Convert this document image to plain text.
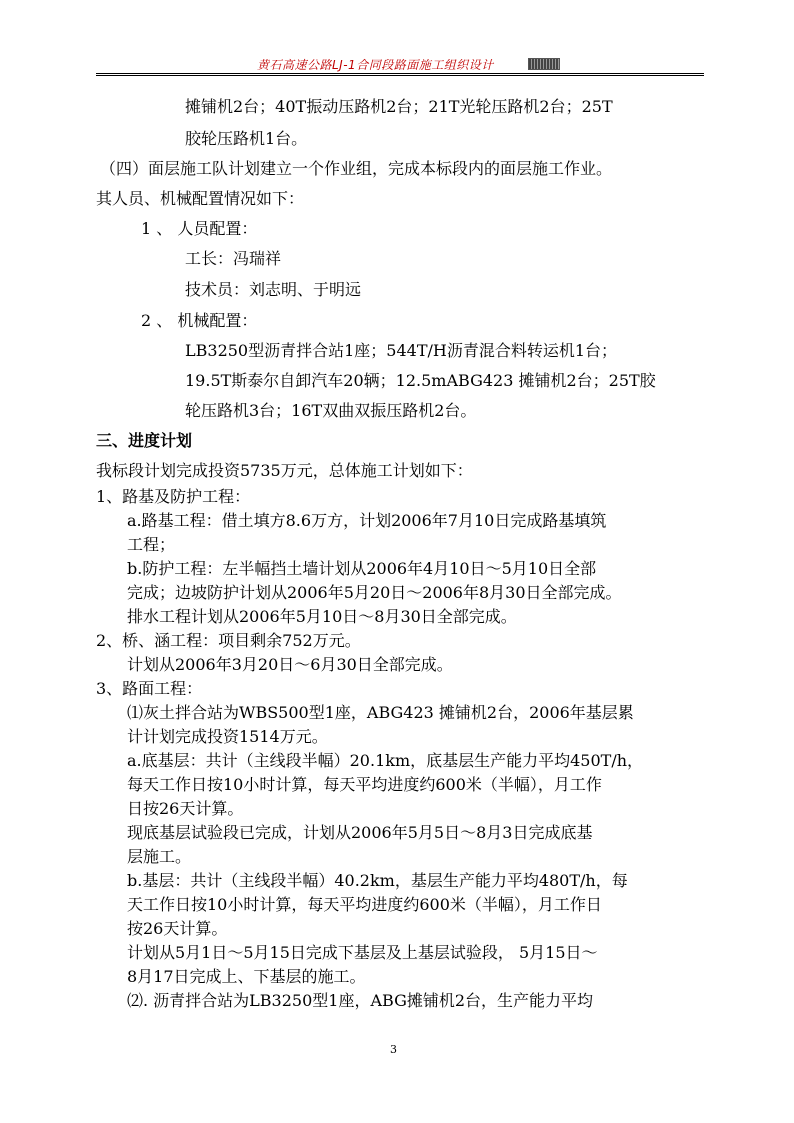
黄石高速公路LJ-1合同段路面施工组织设计
摊铺机2台；40T振动压路机2台；21T光轮压路机2台；25T
胶轮压路机1台。
（四）面层施工队计划建立一个作业组，完成本标段内的面层施工作业。
其人员、机械配置情况如下：
1 、 人员配置：
工长：冯瑞祥
技术员：刘志明、于明远
2 、 机械配置：
LB3250型沥青拌合站1座；544T/H沥青混合料转运机1台；
19.5T斯泰尔自卸汽车20辆；12.5mABG423 摊铺机2台；25T胶
轮压路机3台；16T双曲双振压路机2台。
三、进度计划
我标段计划完成投资5735万元，总体施工计划如下：
1、路基及防护工程：
a.路基工程：借土填方8.6万方，计划2006年7月10日完成路基填筑
工程；
b.防护工程：左半幅挡土墙计划从2006年4月10日～5月10日全部
完成；边坡防护计划从2006年5月20日～2006年8月30日全部完成。
排水工程计划从2006年5月10日～8月30日全部完成。
2、桥、涵工程：项目剩余752万元。
计划从2006年3月20日～6月30日全部完成。
3、路面工程：
⑴灰土拌合站为WBS500型1座，ABG423 摊铺机2台，2006年基层累
计计划完成投资1514万元。
a.底基层：共计（主线段半幅）20.1km，底基层生产能力平均450T/h，
每天工作日按10小时计算，每天平均进度约600米（半幅），月工作
日按26天计算。
现底基层试验段已完成，计划从2006年5月5日～8月3日完成底基
层施工。
b.基层：共计（主线段半幅）40.2km，基层生产能力平均480T/h，每
天工作日按10小时计算，每天平均进度约600米（半幅），月工作日
按26天计算。
计划从5月1日～5月15日完成下基层及上基层试验段， 5月15日～
8月17日完成上、下基层的施工。
⑵. 沥青拌合站为LB3250型1座，ABG摊铺机2台，生产能力平均
3
